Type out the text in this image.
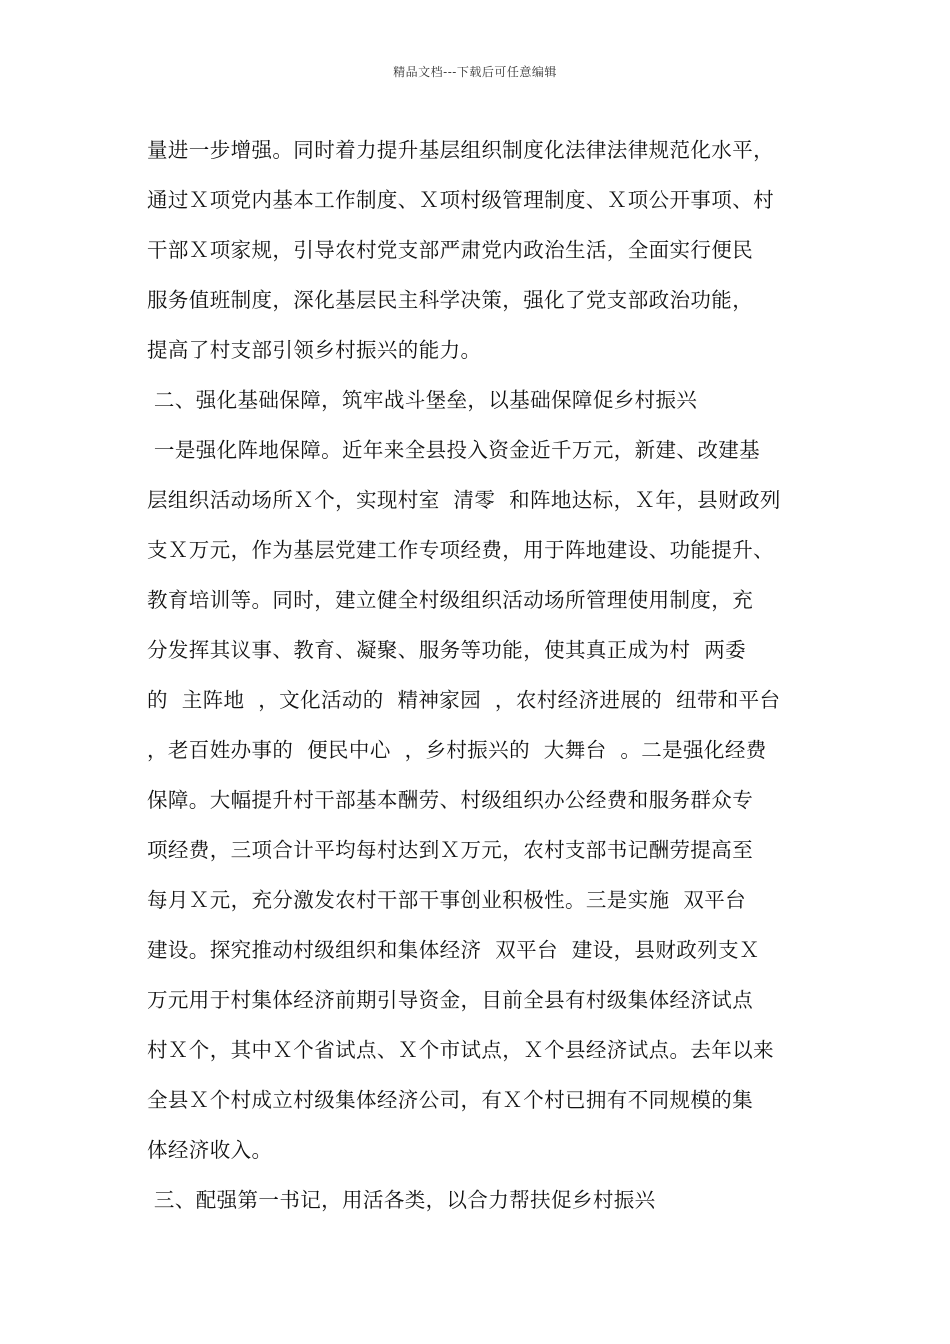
精品文档---下载后可任意编辑
量进一步增强。同时着力提升基层组织制度化法律法律规范化水平，
通过Ｘ项党内基本工作制度、Ｘ项村级管理制度、Ｘ项公开事项、村
干部Ｘ项家规，引导农村党支部严肃党内政治生活，全面实行便民
服务值班制度，深化基层民主科学决策，强化了党支部政治功能，
提高了村支部引领乡村振兴的能力。
二、强化基础保障，筑牢战斗堡垒，以基础保障促乡村振兴
一是强化阵地保障。近年来全县投入资金近千万元，新建、改建基
层组织活动场所Ｘ个，实现村室  清零  和阵地达标，Ｘ年，县财政列
支Ｘ万元，作为基层党建工作专项经费，用于阵地建设、功能提升、
教育培训等。同时，建立健全村级组织活动场所管理使用制度，充
分发挥其议事、教育、凝聚、服务等功能，使其真正成为村  两委
的  主阵地  ，文化活动的  精神家园  ，农村经济进展的  纽带和平台
，老百姓办事的  便民中心  ，乡村振兴的  大舞台  。二是强化经费
保障。大幅提升村干部基本酬劳、村级组织办公经费和服务群众专
项经费，三项合计平均每村达到Ｘ万元，农村支部书记酬劳提高至
每月Ｘ元，充分激发农村干部干事创业积极性。三是实施  双平台
建设。探究推动村级组织和集体经济  双平台  建设，县财政列支Ｘ
万元用于村集体经济前期引导资金，目前全县有村级集体经济试点
村Ｘ个，其中Ｘ个省试点、Ｘ个市试点，Ｘ个县经济试点。去年以来
全县Ｘ个村成立村级集体经济公司，有Ｘ个村已拥有不同规模的集
体经济收入。
三、配强第一书记，用活各类，以合力帮扶促乡村振兴
